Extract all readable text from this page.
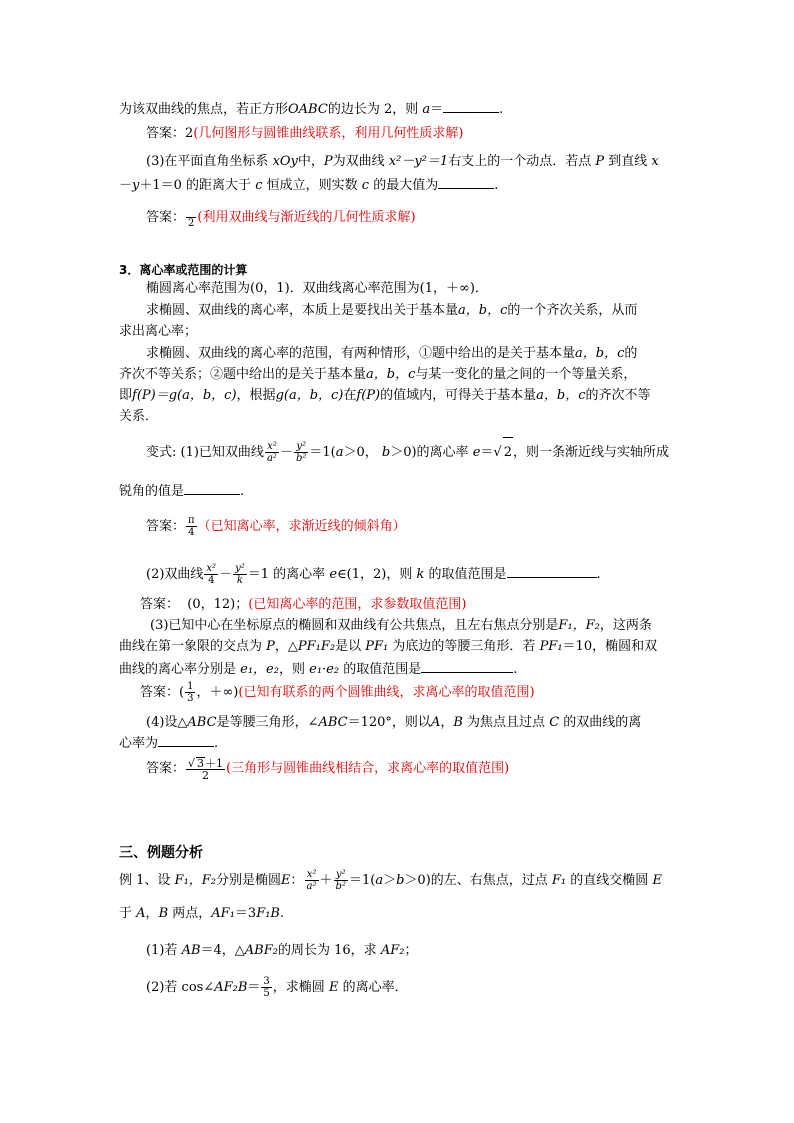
为该双曲线的焦点，若正方形OABC的边长为 2，则 a＝	.
答案：2(几何图形与圆锥曲线联系，利用几何性质求解)
(3)在平面直角坐标系 xOy中，P为双曲线 x²－y²＝1右支上的一个动点．若点 P 到直线 x
－y＋1＝0 的距离大于 c 恒成立，则实数 c 的最大值为	.
答案：
2 (利用双曲线与渐近线的几何性质求解)
3．离心率或范围的计算
椭圆离心率范围为(0，1)．双曲线离心率范围为(1，＋∞)．
求椭圆、双曲线的离心率，本质上是要找出关于基本量a，b，c的一个齐次关系，从而
求出离心率；
求椭圆、双曲线的离心率的范围，有两种情形，①题中给出的是关于基本量a，b，c的
齐次不等关系；②题中给出的是关于基本量a，b，c与某一变化的量之间的一个等量关系，
即f(P)＝g(a，b，c)，根据g(a，b，c)在f(P)的值域内，可得关于基本量a，b，c的齐次不等
关系．
变式: (1)已知双曲线 $\frac{\text{x²}}{\text{a²}} - \frac{\text{y²}}{\text{b²}} =1(a>0$， b＞0)的离心率 e＝√ 2，则一条渐近线与实轴所成
锐角的值是	.
答案： $\frac{\pi}{4}$ （已知离心率，求渐近线的倾斜角）
(2)双曲线 $\frac{\text{x²}}{4} - \frac{\text{y²}}{k} =1$ 的离心率 e∈(1，2)，则 k 的取值范围是	.
答案： (0，12)；(已知离心率的范围，求参数取值范围)
(3)已知中心在坐标原点的椭圆和双曲线有公共焦点，且左右焦点分别是F₁，F₂，这两条
曲线在第一象限的交点为 P，△PF₁F₂是以 PF₁ 为底边的等腰三角形．若 PF₁＝10，椭圆和双
曲线的离心率分别是 e₁，e₂，则 e₁·e₂ 的取值范围是	.
答案：( $\frac{1}{3}$ ，＋∞)(已知有联系的两个圆锥曲线，求离心率的取值范围)
(4)设△ABC是等腰三角形，∠ABC＝120°，则以A，B 为焦点且过点 C 的双曲线的离
心率为	.
答案： $\frac{√ 3+1}{2}$ (三角形与圆锥曲线相结合，求离心率的取值范围)
三、例题分析
例 1、设 F₁，F₂分别是椭圆E： $\frac{\text{x²}}{\text{a²}} + \frac{\text{y²}}{\text{b²}} =1(a>b>0)$的左、右焦点，过点 F₁ 的直线交椭圆 E
于 A，B 两点，AF₁＝3F₁B.
(1)若 AB＝4，△ABF₂的周长为 16，求 AF₂；
(2)若 cos∠AF₂B＝ $\frac{3}{5}$ ，求椭圆 E 的离心率．
